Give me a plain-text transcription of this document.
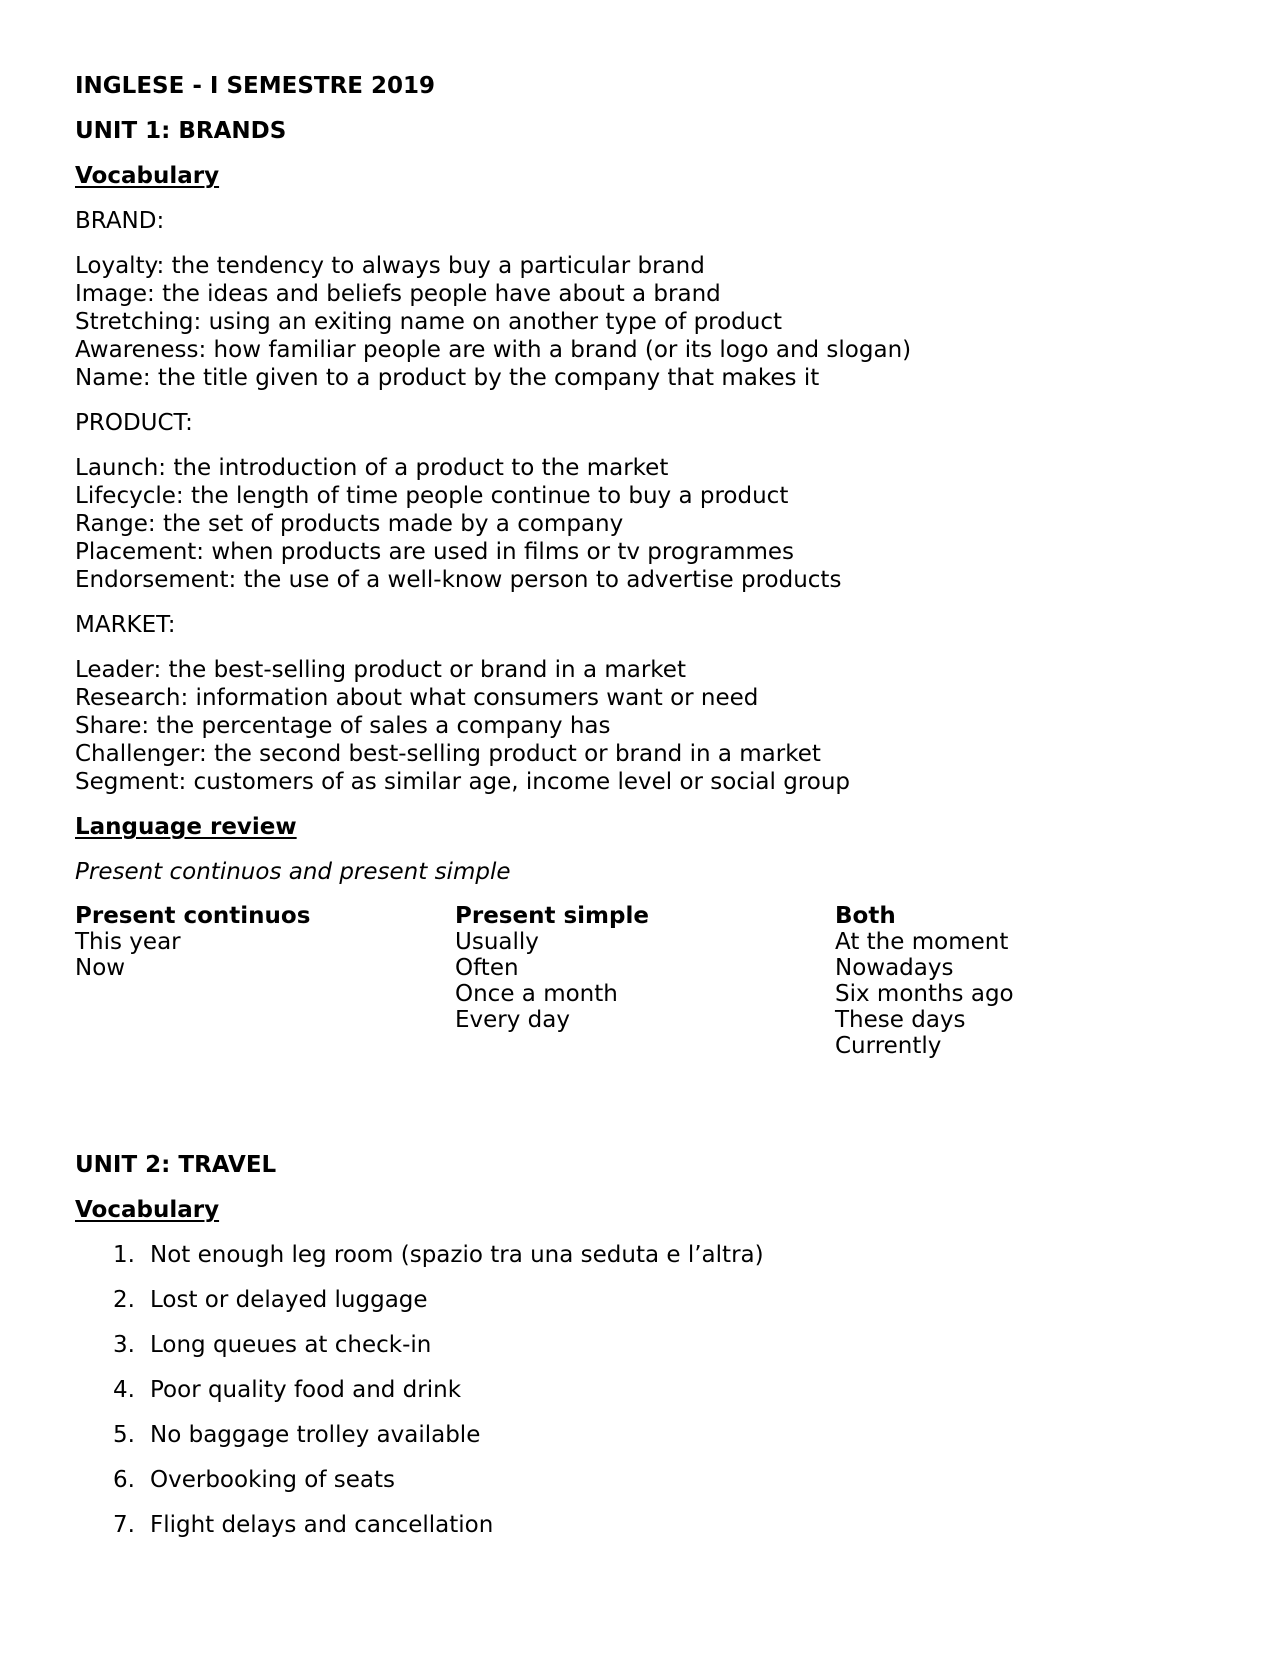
INGLESE - I SEMESTRE 2019
UNIT 1: BRANDS
Vocabulary
BRAND:
Loyalty: the tendency to always buy a particular brand
Image: the ideas and beliefs people have about a brand
Stretching: using an exiting name on another type of product
Awareness: how familiar people are with a brand (or its logo and slogan)
Name: the title given to a product by the company that makes it
PRODUCT:
Launch: the introduction of a product to the market
Lifecycle: the length of time people continue to buy a product
Range: the set of products made by a company
Placement: when products are used in films or tv programmes
Endorsement: the use of a well-know person to advertise products
MARKET:
Leader: the best-selling product or brand in a market
Research: information about what consumers want or need
Share: the percentage of sales a company has
Challenger: the second best-selling product or brand in a market
Segment: customers of as similar age, income level or social group
Language review
Present continuos and present simple
Present continuos
This year
Now
Present simple
Usually
Often
Once a month
Every day
Both
At the moment
Nowadays
Six months ago
These days
Currently
UNIT 2: TRAVEL
Vocabulary
1. Not enough leg room (spazio tra una seduta e l’altra)
2. Lost or delayed luggage
3. Long queues at check-in
4. Poor quality food and drink
5. No baggage trolley available
6. Overbooking of seats
7. Flight delays and cancellation
